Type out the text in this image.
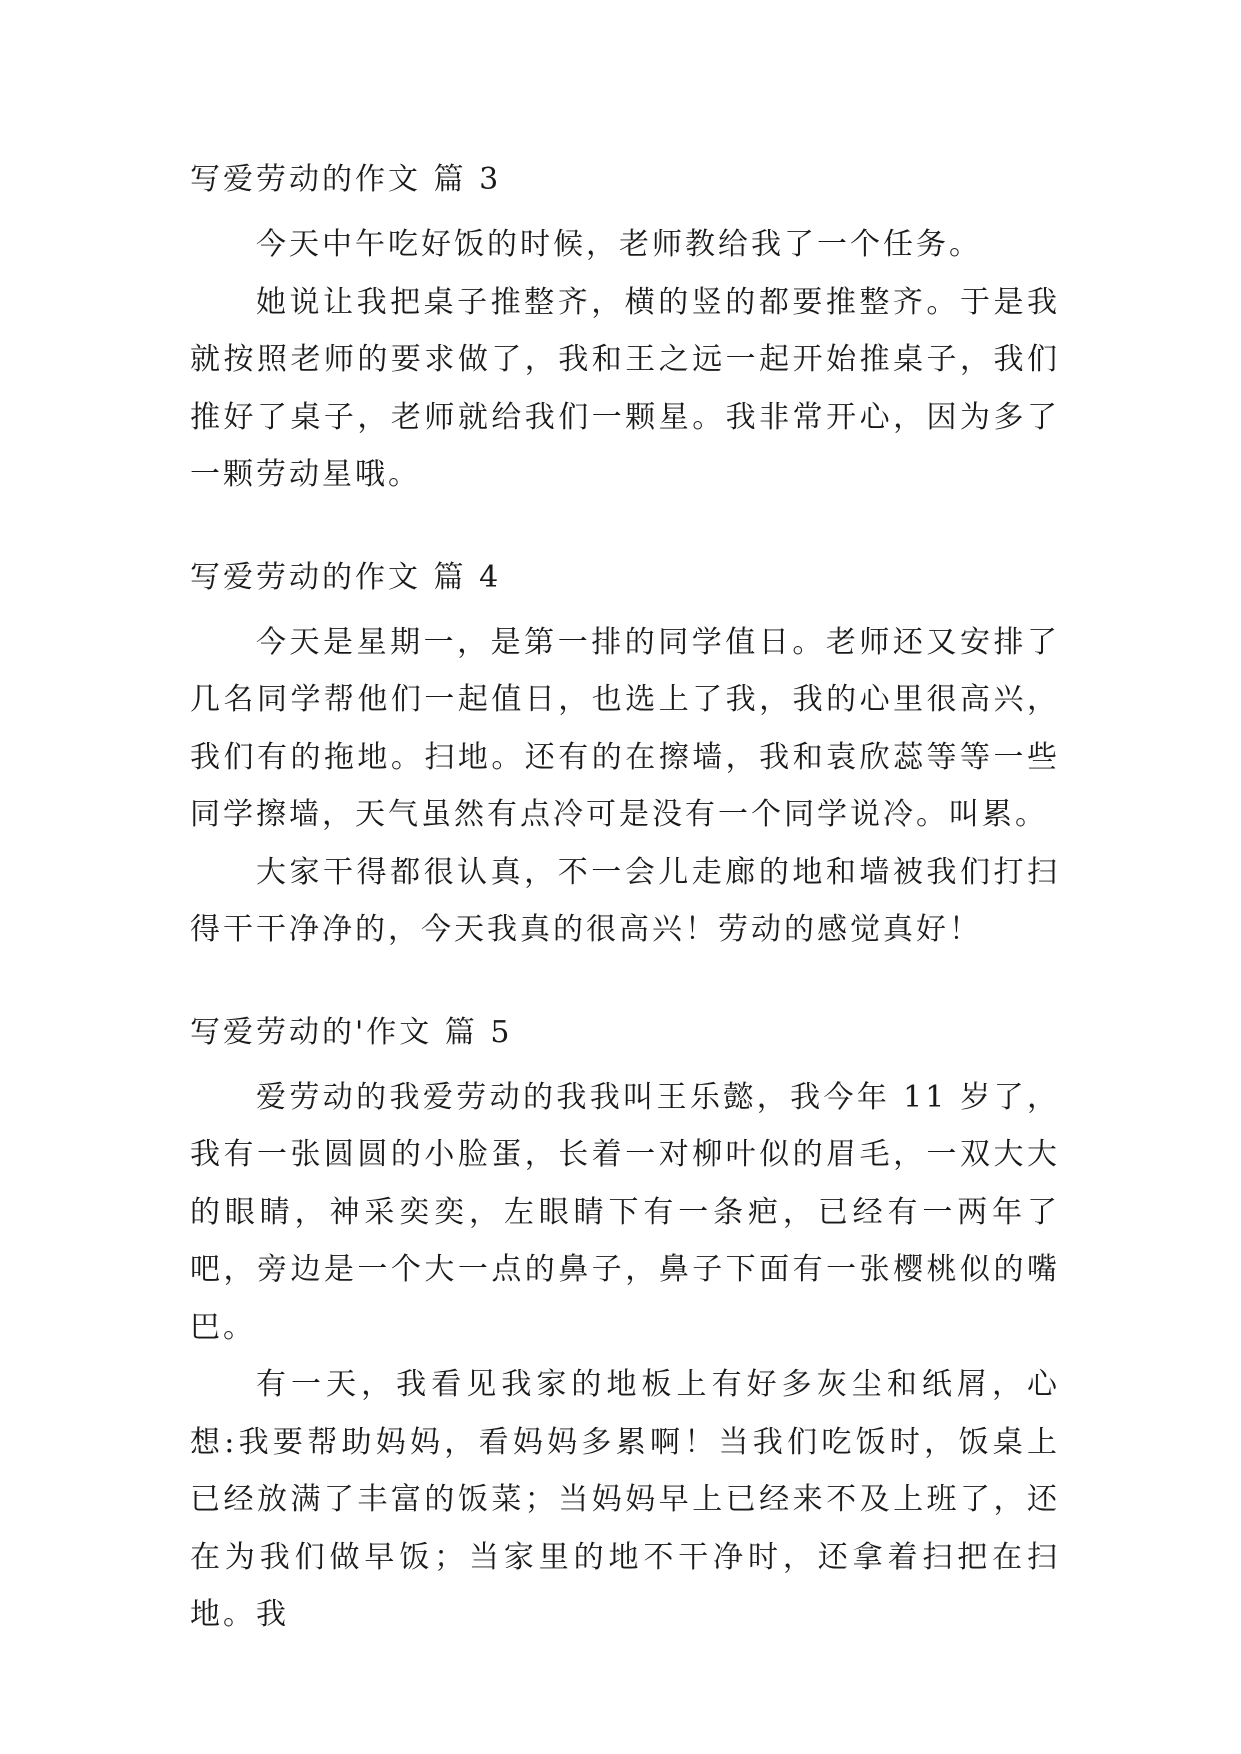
写爱劳动的作文 篇 3

今天中午吃好饭的时候，老师教给我了一个任务。

她说让我把桌子推整齐，横的竖的都要推整齐。于是我就按照老师的要求做了，我和王之远一起开始推桌子，我们推好了桌子，老师就给我们一颗星。我非常开心，因为多了一颗劳动星哦。

写爱劳动的作文 篇 4

今天是星期一，是第一排的同学值日。老师还又安排了几名同学帮他们一起值日，也选上了我，我的心里很高兴，我们有的拖地。扫地。还有的在擦墙，我和袁欣蕊等等一些同学擦墙，天气虽然有点冷可是没有一个同学说冷。叫累。

大家干得都很认真，不一会儿走廊的地和墙被我们打扫得干干净净的，今天我真的很高兴！劳动的感觉真好！

写爱劳动的'作文 篇 5

爱劳动的我爱劳动的我我叫王乐懿，我今年 11 岁了，我有一张圆圆的小脸蛋，长着一对柳叶似的眉毛，一双大大的眼睛，神采奕奕，左眼睛下有一条疤，已经有一两年了吧，旁边是一个大一点的鼻子，鼻子下面有一张樱桃似的嘴巴。

有一天，我看见我家的地板上有好多灰尘和纸屑，心想:我要帮助妈妈，看妈妈多累啊！当我们吃饭时，饭桌上已经放满了丰富的饭菜；当妈妈早上已经来不及上班了，还在为我们做早饭；当家里的地不干净时，还拿着扫把在扫地。我
